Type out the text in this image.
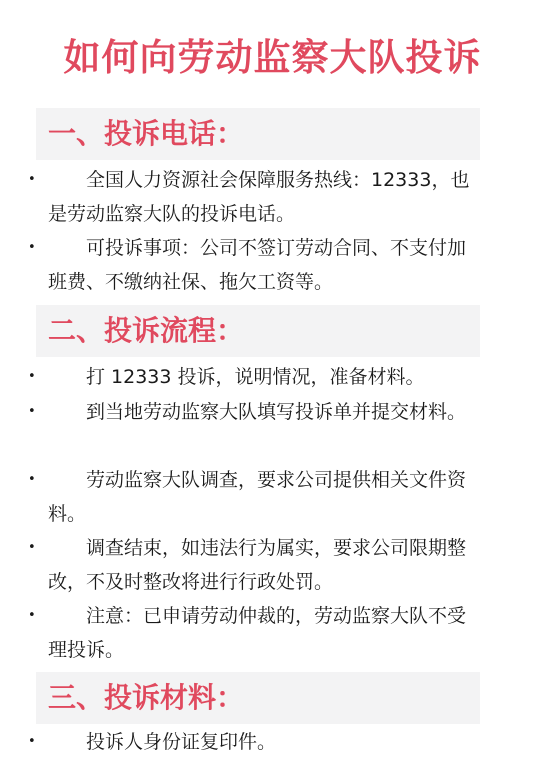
如何向劳动监察大队投诉
一、投诉电话：
•	全国人力资源社会保障服务热线：12333，也是劳动监察大队的投诉电话。
•	可投诉事项：公司不签订劳动合同、不支付加班费、不缴纳社保、拖欠工资等。
二、投诉流程：
•	打 12333 投诉，说明情况，准备材料。
•	到当地劳动监察大队填写投诉单并提交材料。
•	劳动监察大队调查，要求公司提供相关文件资料。
•	调查结束，如违法行为属实，要求公司限期整改，不及时整改将进行行政处罚。
•	注意：已申请劳动仲裁的，劳动监察大队不受理投诉。
三、投诉材料：
•	投诉人身份证复印件。
